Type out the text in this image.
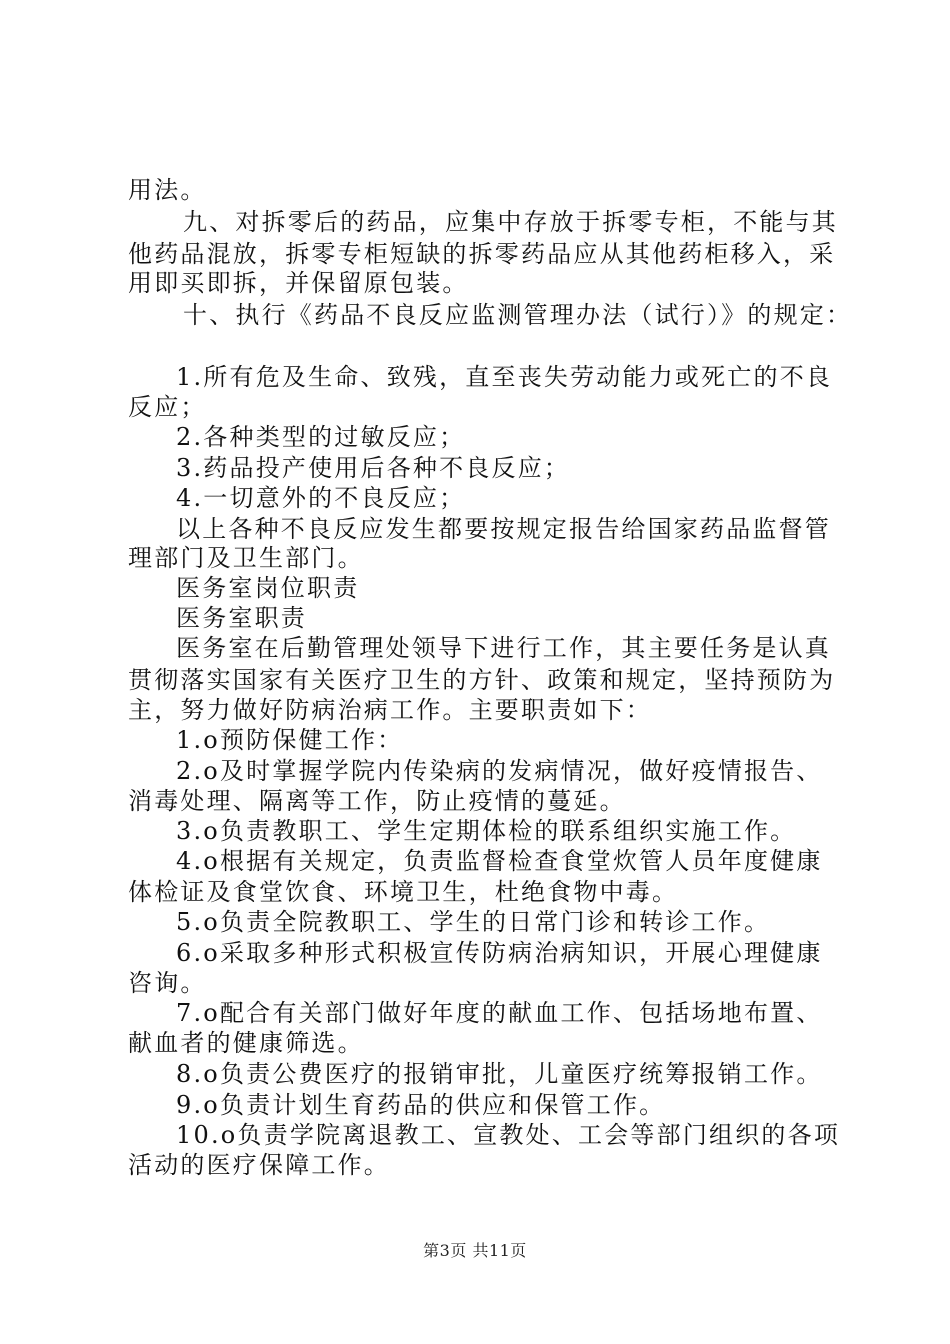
用法。
九、对拆零后的药品，应集中存放于拆零专柜，不能与其
他药品混放，拆零专柜短缺的拆零药品应从其他药柜移入，采
用即买即拆，并保留原包装。
十、执行《药品不良反应监测管理办法（试行）》的规定：
1.所有危及生命、致残，直至丧失劳动能力或死亡的不良
反应；
2.各种类型的过敏反应；
3.药品投产使用后各种不良反应；
4.一切意外的不良反应；
以上各种不良反应发生都要按规定报告给国家药品监督管
理部门及卫生部门。
医务室岗位职责
医务室职责
医务室在后勤管理处领导下进行工作，其主要任务是认真
贯彻落实国家有关医疗卫生的方针、政策和规定，坚持预防为
主，努力做好防病治病工作。主要职责如下：
1.o预防保健工作：
2.o及时掌握学院内传染病的发病情况，做好疫情报告、
消毒处理、隔离等工作，防止疫情的蔓延。
3.o负责教职工、学生定期体检的联系组织实施工作。
4.o根据有关规定，负责监督检查食堂炊管人员年度健康
体检证及食堂饮食、环境卫生，杜绝食物中毒。
5.o负责全院教职工、学生的日常门诊和转诊工作。
6.o采取多种形式积极宣传防病治病知识，开展心理健康
咨询。
7.o配合有关部门做好年度的献血工作、包括场地布置、
献血者的健康筛选。
8.o负责公费医疗的报销审批，儿童医疗统筹报销工作。
9.o负责计划生育药品的供应和保管工作。
10.o负责学院离退教工、宣教处、工会等部门组织的各项
活动的医疗保障工作。
第3页 共11页
